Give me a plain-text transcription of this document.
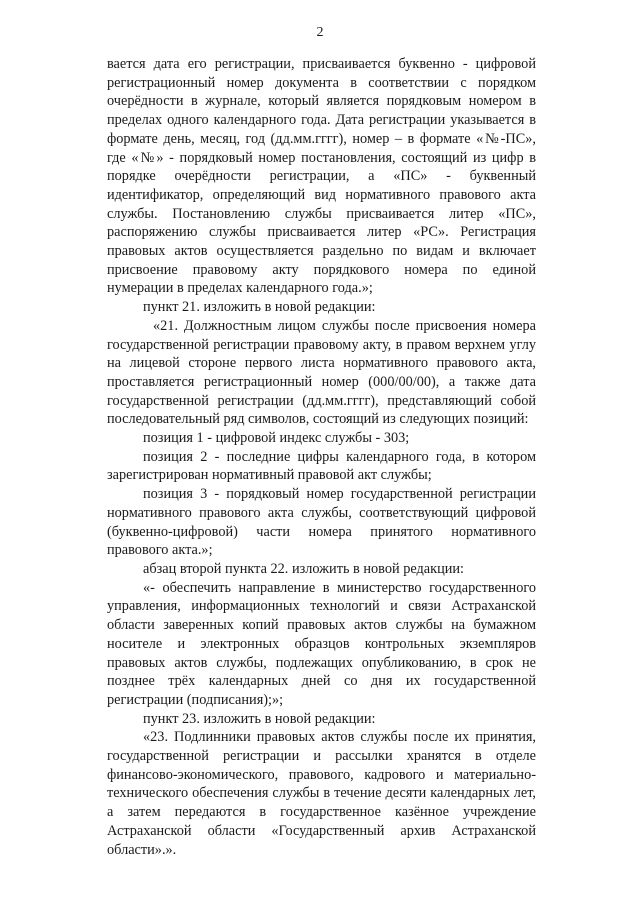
2

вается дата его регистрации, присваивается буквенно - цифровой регистрационный номер документа в соответствии с порядком очерёдности в журнале, который является порядковым номером в пределах одного календарного года. Дата регистрации указывается в формате день, месяц, год (дд.мм.гггг), номер – в формате «№-ПС», где «№» - порядковый номер постановления, состоящий из цифр в порядке очерёдности регистрации, а «ПС» - буквенный идентификатор, определяющий вид нормативного правового акта службы. Постановлению службы присваивается литер «ПС», распоряжению службы присваивается литер «РС». Регистрация правовых актов осуществляется раздельно по видам и включает присвоение правовому акту порядкового номера по единой нумерации в пределах календарного года.»;

пункт 21. изложить в новой редакции:

«21. Должностным лицом службы после присвоения номера государственной регистрации правовому акту, в правом верхнем углу на лицевой стороне первого листа нормативного правового акта, проставляется регистрационный номер (000/00/00), а также дата государственной регистрации (дд.мм.гггг), представляющий собой последовательный ряд символов, состоящий из следующих позиций:

позиция 1 - цифровой индекс службы - 303;

позиция 2 - последние цифры календарного года, в котором зарегистрирован нормативный правовой акт службы;

позиция 3 - порядковый номер государственной регистрации нормативного правового акта службы, соответствующий цифровой (буквенно-цифровой) части номера принятого нормативного правового акта.»;

абзац второй пункта 22. изложить в новой редакции:

«- обеспечить направление в министерство государственного управления, информационных технологий и связи Астраханской области заверенных копий правовых актов службы на бумажном носителе и электронных образцов контрольных экземпляров правовых актов службы, подлежащих опубликованию, в срок не позднее трёх календарных дней со дня их государственной регистрации (подписания);»;

пункт 23. изложить в новой редакции:

«23. Подлинники правовых актов службы после их принятия, государственной регистрации и рассылки хранятся в отделе финансово-экономического, правового, кадрового и материально-технического обеспечения службы в течение десяти календарных лет, а затем передаются в государственное казённое учреждение Астраханской области «Государственный архив Астраханской области».».
